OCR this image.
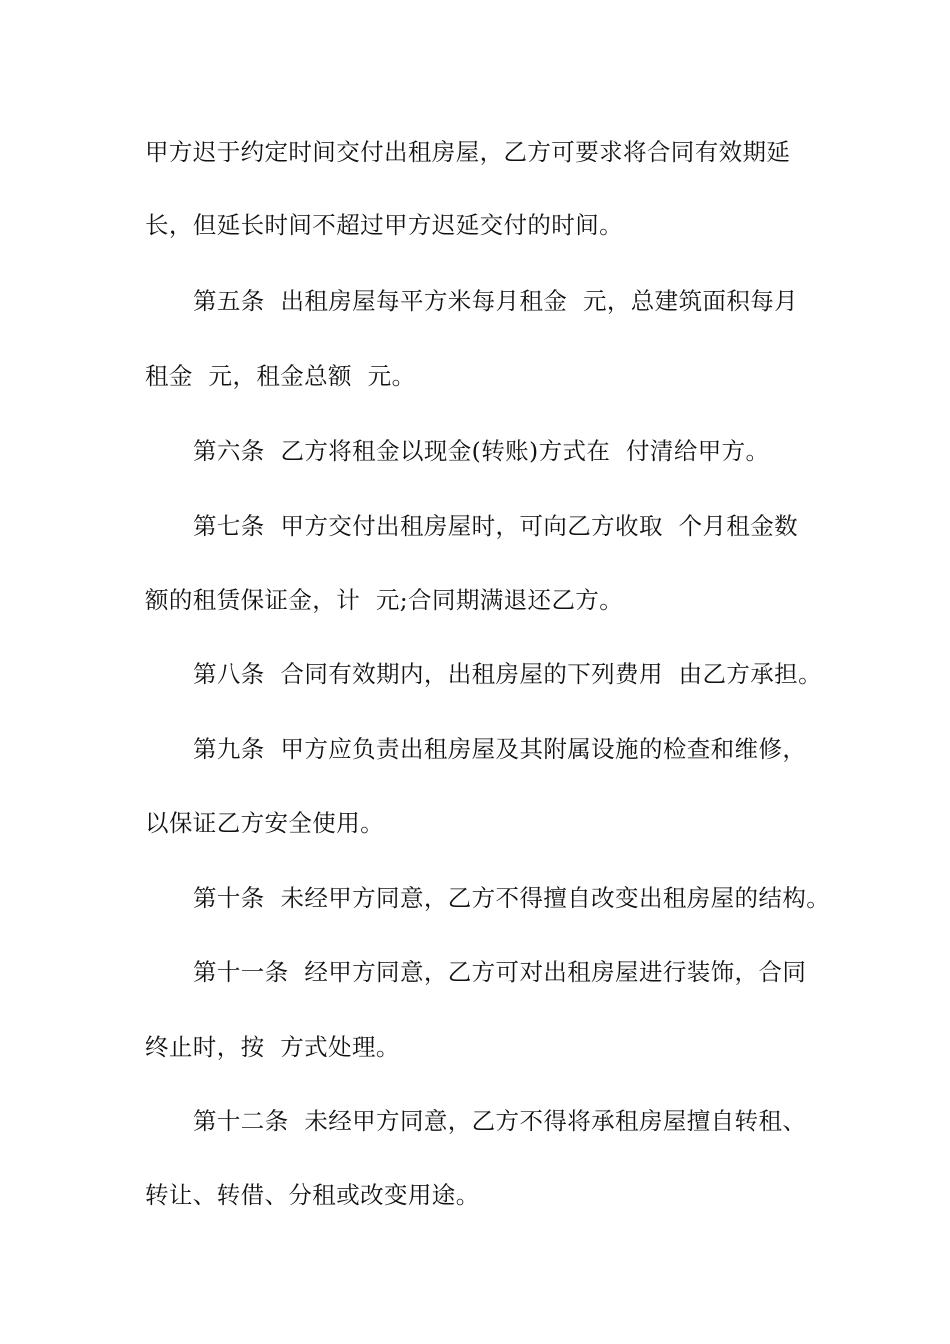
甲方迟于约定时间交付出租房屋，乙方可要求将合同有效期延
长，但延长时间不超过甲方迟延交付的时间。
第五条  出租房屋每平方米每月租金  元，总建筑面积每月
租金  元，租金总额  元。
第六条  乙方将租金以现金(转账)方式在  付清给甲方。
第七条  甲方交付出租房屋时，可向乙方收取  个月租金数
额的租赁保证金，计  元;合同期满退还乙方。
第八条  合同有效期内，出租房屋的下列费用  由乙方承担。
第九条  甲方应负责出租房屋及其附属设施的检查和维修，
以保证乙方安全使用。
第十条  未经甲方同意，乙方不得擅自改变出租房屋的结构。
第十一条  经甲方同意，乙方可对出租房屋进行装饰，合同
终止时，按  方式处理。
第十二条  未经甲方同意，乙方不得将承租房屋擅自转租、
转让、转借、分租或改变用途。
